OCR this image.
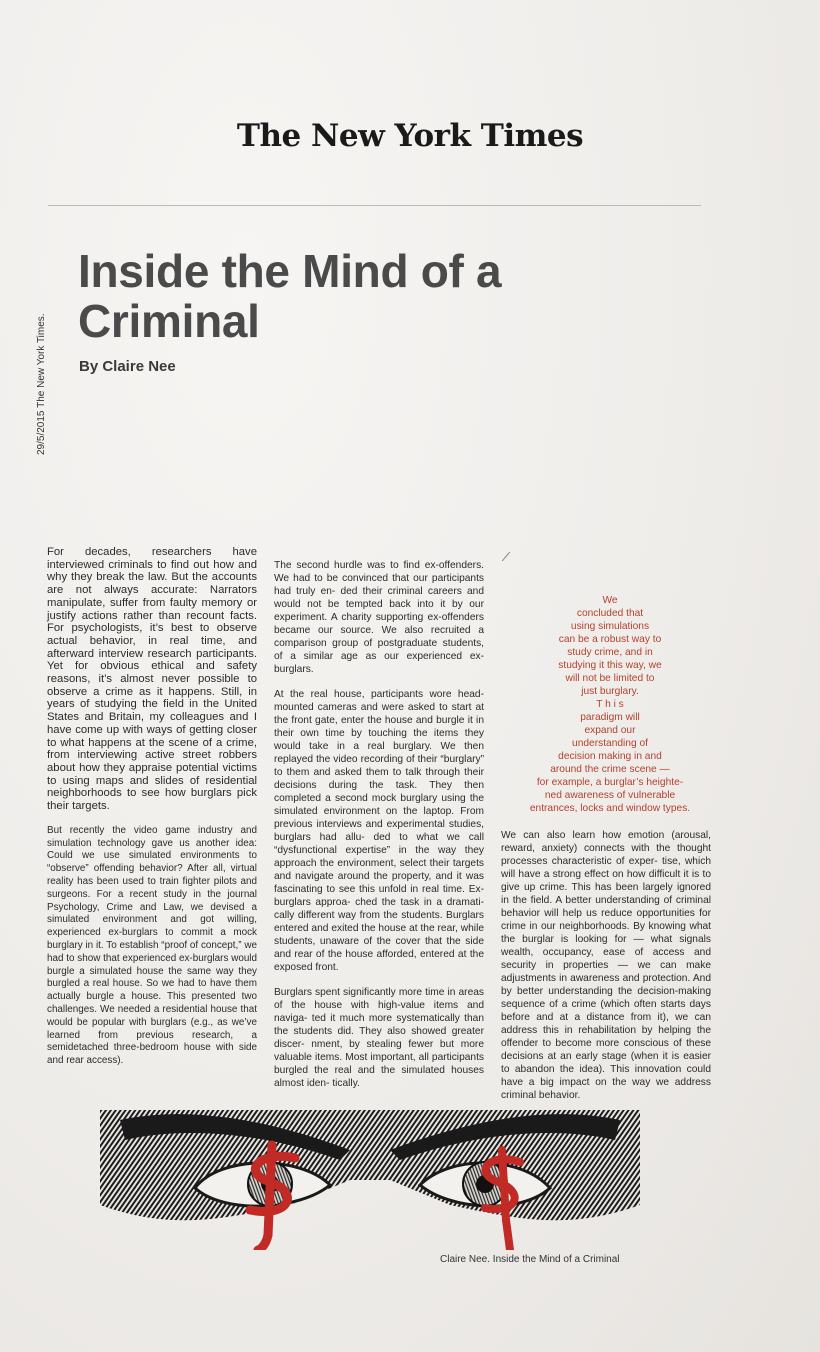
The New York Times
29/5/2015 The New York Times.
Inside the Mind of a Criminal
By Claire Nee

For decades, researchers have interviewed criminals to find out how and why they break the law. But the accounts are not always accurate: Narrators manipulate, suffer from faulty memory or justify actions rather than recount facts. For psychologists, it’s best to observe actual behavior, in real time, and afterward interview research participants. Yet for obvious ethical and safety reasons, it’s almost never possible to observe a crime as it happens. Still, in years of studying the field in the United States and Britain, my colleagues and I have come up with ways of getting closer to what happens at the scene of a crime, from interviewing active street robbers about how they appraise potential victims to using maps and slides of residential neighborhoods to see how burglars pick their targets.

But recently the video game industry and simulation technology gave us another idea: Could we use simulated environments to “observe” offending behavior? After all, virtual reality has been used to train fighter pilots and surgeons. For a recent study in the journal Psychology, Crime and Law, we devised a simulated environment and got willing, experienced ex-burglars to commit a mock burglary in it. To establish “proof of concept,” we had to show that experienced ex-burglars would burgle a simulated house the same way they burgled a real house. So we had to have them actually burgle a house. This presented two challenges. We needed a residential house that would be popular with burglars (e.g., as we’ve learned from previous research, a semidetached three-bedroom house with side and rear access).

The second hurdle was to find ex-offenders. We had to be convinced that our participants had truly en- ded their criminal careers and would not be tempted back into it by our experiment. A charity supporting ex-offenders became our source. We also recruited a comparison group of postgraduate students, of a similar age as our experienced ex-burglars.

At the real house, participants wore head-mounted cameras and were asked to start at the front gate, enter the house and burgle it in their own time by touching the items they would take in a real burglary. We then replayed the video recording of their “burglary” to them and asked them to talk through their decisions during the task. They then completed a second mock burglary using the simulated environment on the laptop. From previous interviews and experimental studies, burglars had allu- ded to what we call “dysfunctional expertise” in the way they approach the environment, select their targets and navigate around the property, and it was fascinating to see this unfold in real time. Ex-burglars approa- ched the task in a dramati- cally different way from the students. Burglars entered and exited the house at the rear, while students, unaware of the cover that the side and rear of the house afforded, entered at the exposed front.

Burglars spent significantly more time in areas of the house with high-value items and naviga- ted it much more systematically than the students did. They also showed greater discer- nment, by stealing fewer but more valuable items. Most important, all participants burgled the real and the simulated houses almost iden- tically.

We
concluded that
using simulations
can be a robust way to
study crime, and in
studying it this way, we
will not be limited to
just burglary.
T h i s
paradigm will
expand our
understanding of
decision making in and
around the crime scene —
for example, a burglar’s heighte-
ned awareness of vulnerable
entrances, locks and window types.

We can also learn how emotion (arousal, reward, anxiety) connects with the thought processes characteristic of exper- tise, which will have a strong effect on how difficult it is to give up crime. This has been largely ignored in the field. A better understanding of criminal behavior will help us reduce opportunities for crime in our neighborhoods. By knowing what the burglar is looking for — what signals wealth, occupancy, ease of access and security in properties — we can make adjustments in awareness and protection. And by better understanding the decision-making sequence of a crime (which often starts days before and at a distance from it), we can address this in rehabilitation by helping the offender to become more conscious of these decisions at an early stage (when it is easier to abandon the idea). This innovation could have a big impact on the way we address criminal behavior.

Claire Nee. Inside the Mind of a Criminal
